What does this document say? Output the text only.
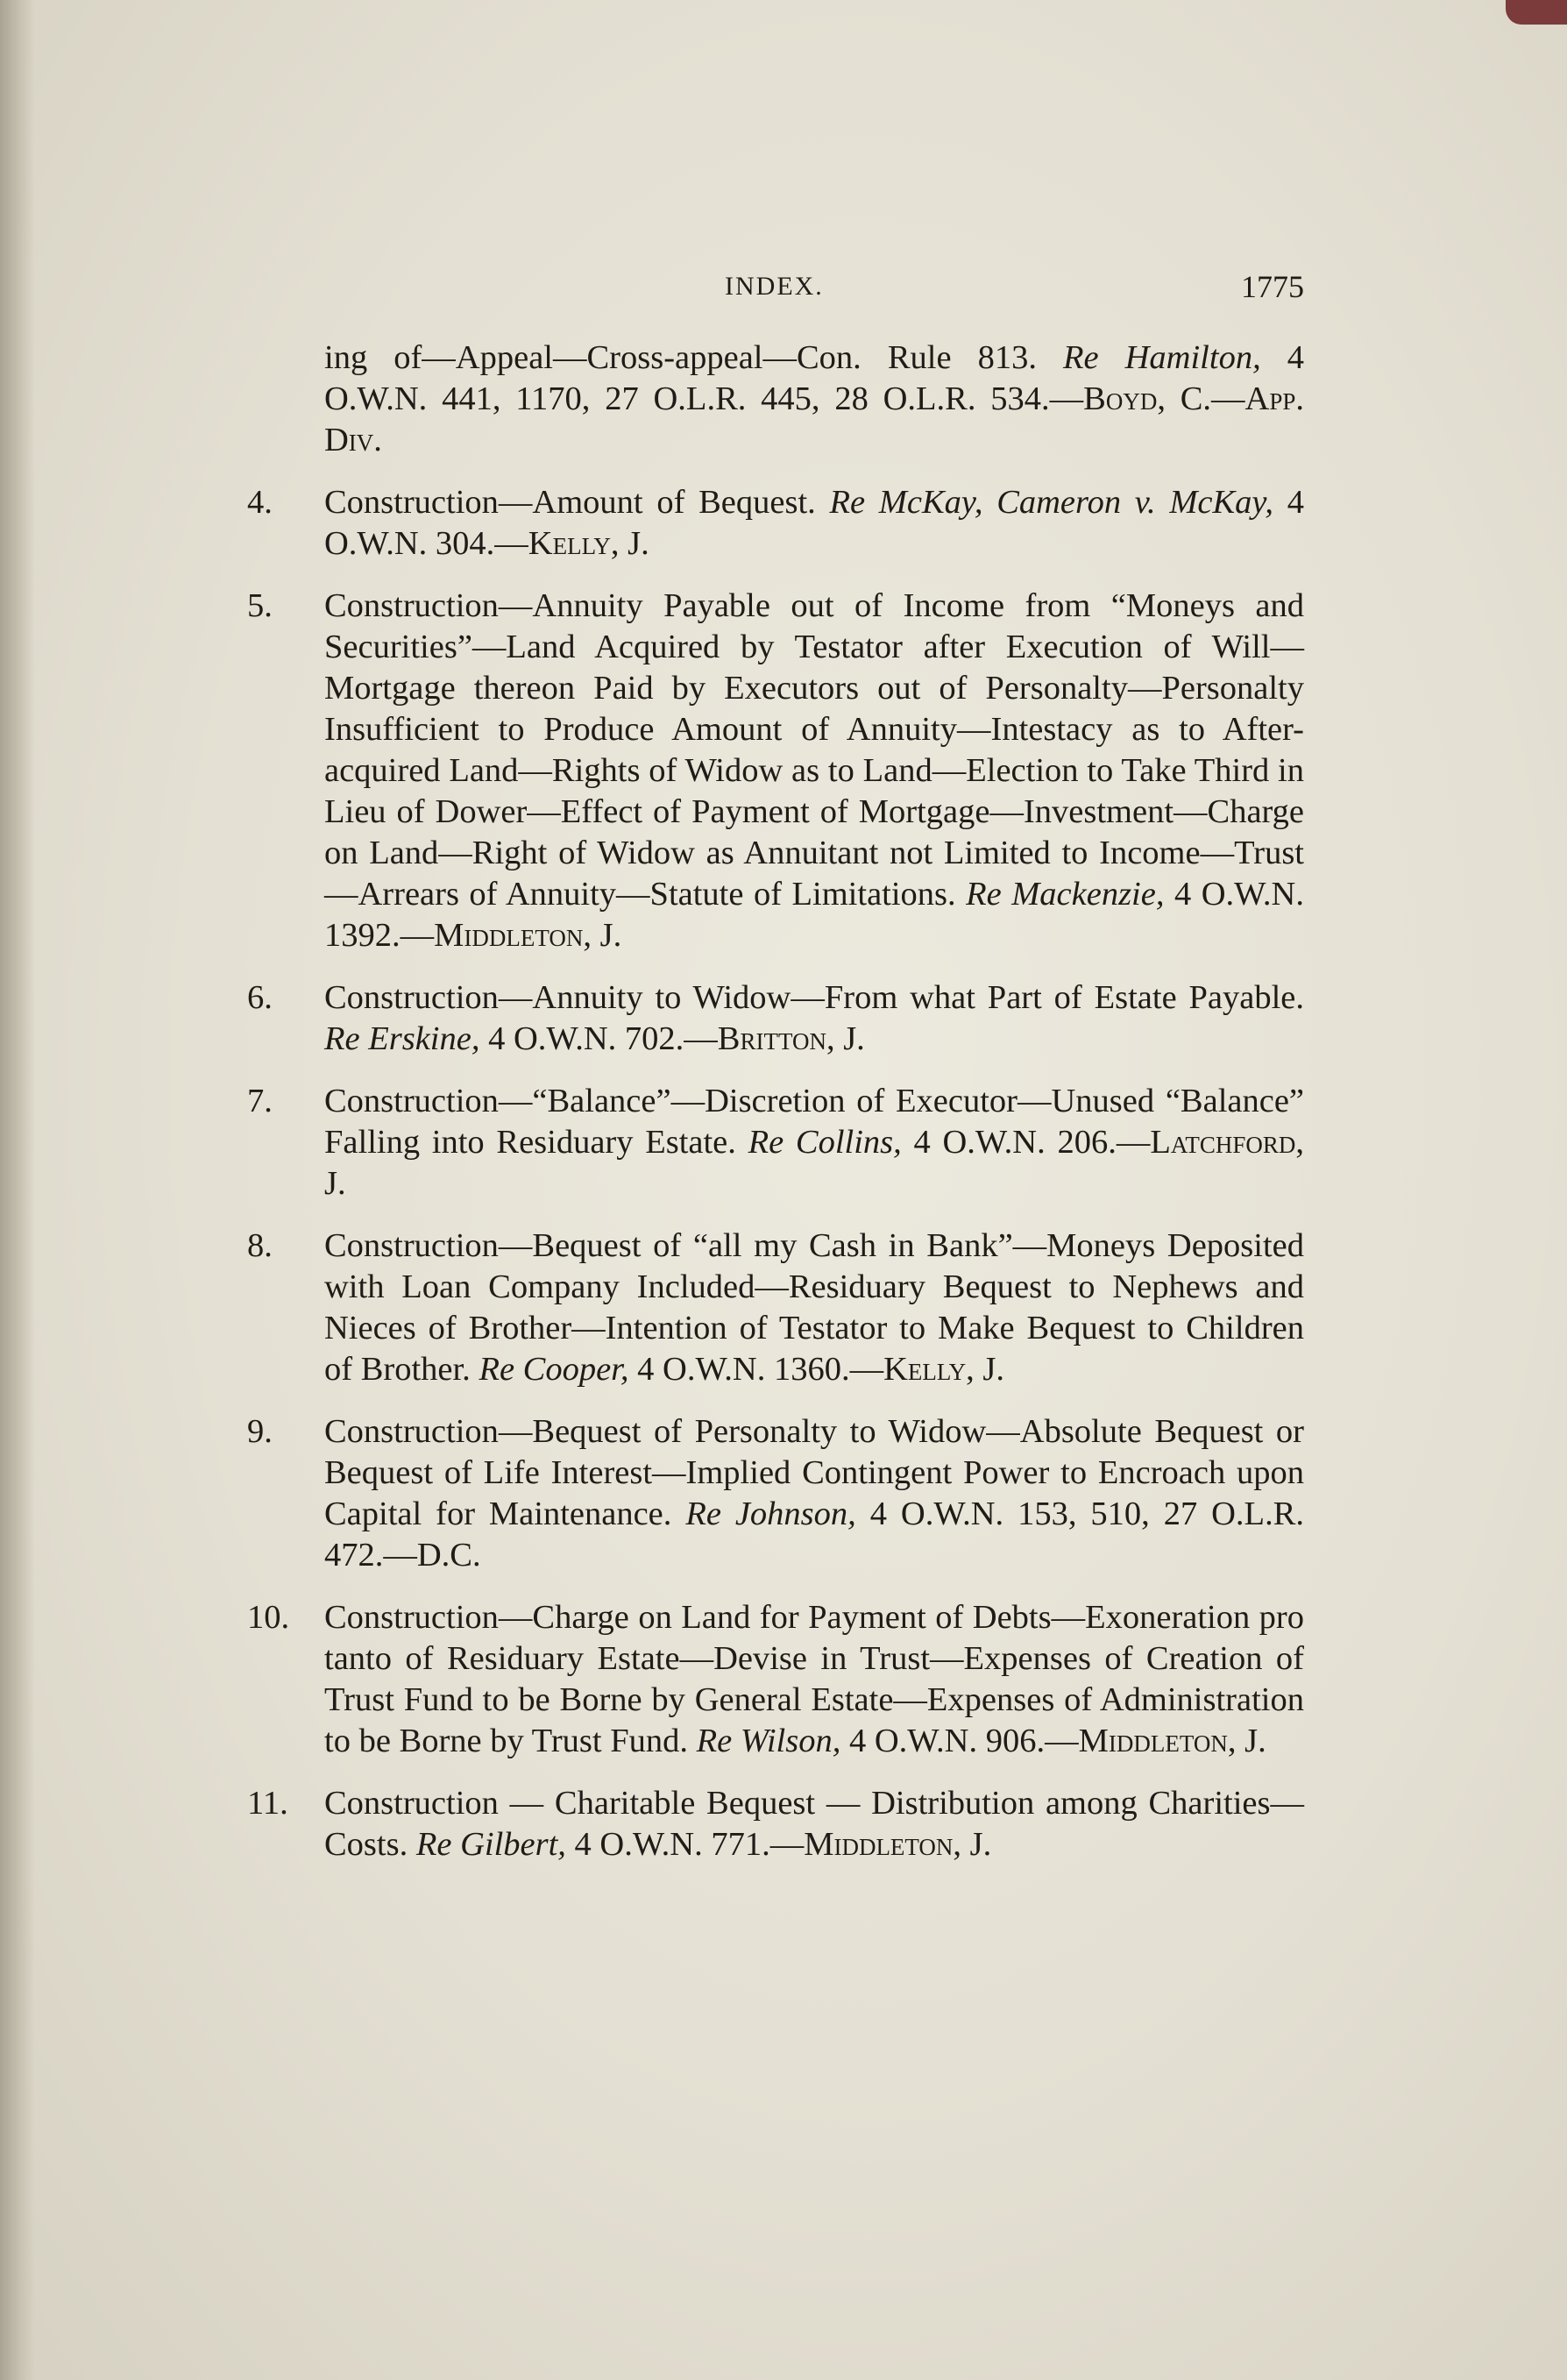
INDEX.	1775

ing of—Appeal—Cross-appeal—Con. Rule 813. Re Hamilton, 4 O.W.N. 441, 1170, 27 O.L.R. 445, 28 O.L.R. 534.—Boyd, C.—App. Div.

4. Construction—Amount of Bequest. Re McKay, Cameron v. McKay, 4 O.W.N. 304.—Kelly, J.

5. Construction—Annuity Payable out of Income from “Moneys and Securities”—Land Acquired by Testator after Execution of Will—Mortgage thereon Paid by Executors out of Personalty—Personalty Insufficient to Produce Amount of Annuity—Intestacy as to After-acquired Land—Rights of Widow as to Land—Election to Take Third in Lieu of Dower—Effect of Payment of Mortgage—Investment—Charge on Land—Right of Widow as Annuitant not Limited to Income—Trust—Arrears of Annuity—Statute of Limitations. Re Mackenzie, 4 O.W.N. 1392.—Middleton, J.

6. Construction—Annuity to Widow—From what Part of Estate Payable. Re Erskine, 4 O.W.N. 702.—Britton, J.

7. Construction—“Balance”—Discretion of Executor—Unused “Balance” Falling into Residuary Estate. Re Collins, 4 O.W.N. 206.—Latchford, J.

8. Construction—Bequest of “all my Cash in Bank”—Moneys Deposited with Loan Company Included—Residuary Bequest to Nephews and Nieces of Brother—Intention of Testator to Make Bequest to Children of Brother. Re Cooper, 4 O.W.N. 1360.—Kelly, J.

9. Construction—Bequest of Personalty to Widow—Absolute Bequest or Bequest of Life Interest—Implied Contingent Power to Encroach upon Capital for Maintenance. Re Johnson, 4 O.W.N. 153, 510, 27 O.L.R. 472.—D.C.

10. Construction—Charge on Land for Payment of Debts—Exoneration pro tanto of Residuary Estate—Devise in Trust—Expenses of Creation of Trust Fund to be Borne by General Estate—Expenses of Administration to be Borne by Trust Fund. Re Wilson, 4 O.W.N. 906.—Middleton, J.

11. Construction — Charitable Bequest — Distribution among Charities—Costs. Re Gilbert, 4 O.W.N. 771.—Middleton, J.
